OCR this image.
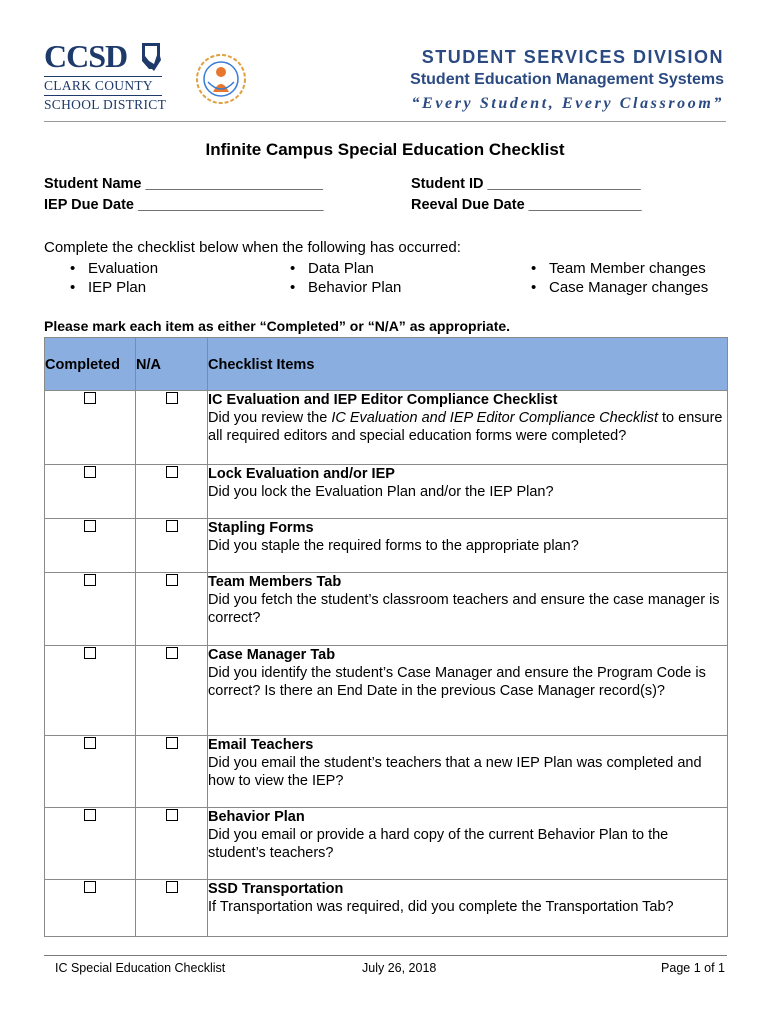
CCSD
CLARK COUNTY
SCHOOL DISTRICT
STUDENT SERVICES DIVISION
Student Education Management Systems
“Every Student, Every Classroom”
Infinite Campus Special Education Checklist
Student Name ______________________	Student ID ___________________
IEP Due Date _______________________	Reeval Due Date ______________
Complete the checklist below when the following has occurred:
• Evaluation
• IEP Plan
• Data Plan
• Behavior Plan
• Team Member changes
• Case Manager changes
Please mark each item as either “Completed” or “N/A” as appropriate.
Completed	N/A	Checklist Items

		IC Evaluation and IEP Editor Compliance Checklist
Did you review the IC Evaluation and IEP Editor Compliance Checklist to ensure all required editors and special education forms were completed?

		Lock Evaluation and/or IEP
Did you lock the Evaluation Plan and/or the IEP Plan?

		Stapling Forms
Did you staple the required forms to the appropriate plan?

		Team Members Tab
Did you fetch the student’s classroom teachers and ensure the case manager is correct?

		Case Manager Tab
Did you identify the student’s Case Manager and ensure the Program Code is correct? Is there an End Date in the previous Case Manager record(s)?

		Email Teachers
Did you email the student’s teachers that a new IEP Plan was completed and how to view the IEP?

		Behavior Plan
Did you email or provide a hard copy of the current Behavior Plan to the student’s teachers?

		SSD Transportation
If Transportation was required, did you complete the Transportation Tab?
IC Special Education Checklist	July 26, 2018	Page 1 of 1
